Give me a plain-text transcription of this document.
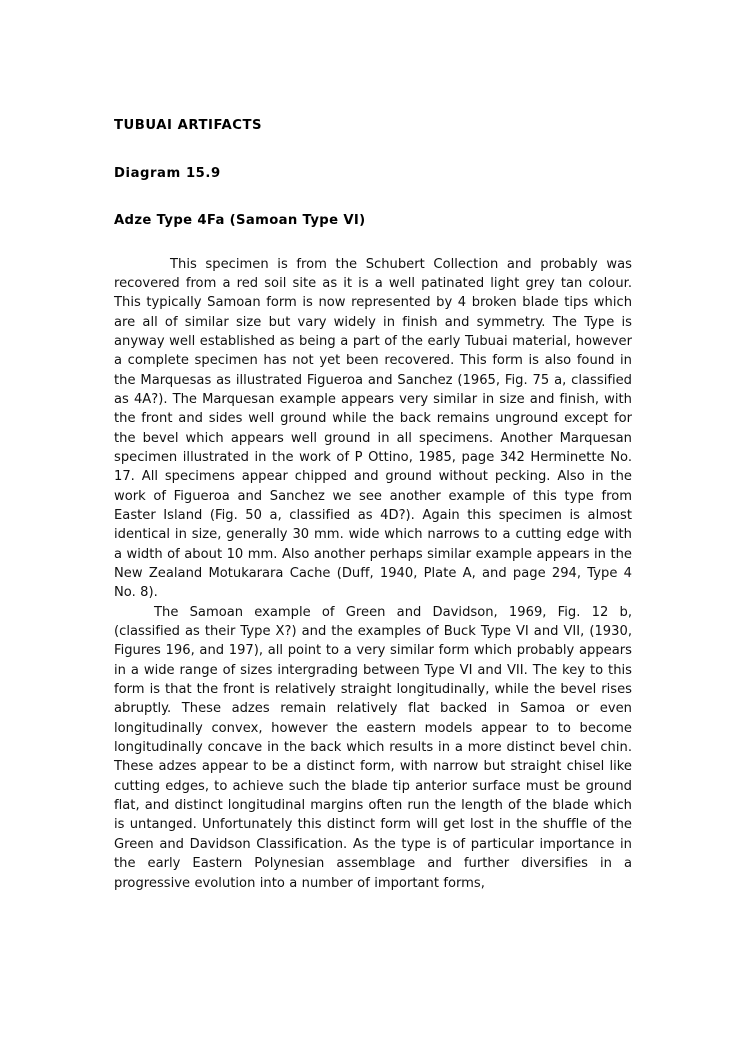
TUBUAI ARTIFACTS
Diagram 15.9
Adze Type 4Fa (Samoan Type VI)

This specimen is from the Schubert Collection and probably was recovered from a red soil site as it is a well patinated light grey tan colour. This typically Samoan form is now represented by 4 broken blade tips which are all of similar size but vary widely in finish and symmetry. The Type is anyway well established as being a part of the early Tubuai material, however a complete specimen has not yet been recovered. This form is also found in the Marquesas as illustrated Figueroa and Sanchez (1965, Fig. 75 a, classified as 4A?). The Marquesan example appears very similar in size and finish, with the front and sides well ground while the back remains unground except for the bevel which appears well ground in all specimens. Another Marquesan specimen illustrated in the work of P Ottino, 1985, page 342 Herminette No. 17. All specimens appear chipped and ground without pecking. Also in the work of Figueroa and Sanchez we see another example of this type from Easter Island (Fig. 50 a, classified as 4D?). Again this specimen is almost identical in size, generally 30 mm. wide which narrows to a cutting edge with a width of about 10 mm. Also another perhaps similar example appears in the New Zealand Motukarara Cache (Duff, 1940, Plate A, and page 294, Type 4 No. 8).

The Samoan example of Green and Davidson, 1969, Fig. 12 b, (classified as their Type X?) and the examples of Buck Type VI and VII, (1930, Figures 196, and 197), all point to a very similar form which probably appears in a wide range of sizes intergrading between Type VI and VII. The key to this form is that the front is relatively straight longitudinally, while the bevel rises abruptly. These adzes remain relatively flat backed in Samoa or even longitudinally convex, however the eastern models appear to to become longitudinally concave in the back which results in a more distinct bevel chin. These adzes appear to be a distinct form, with narrow but straight chisel like cutting edges, to achieve such the blade tip anterior surface must be ground flat, and distinct longitudinal margins often run the length of the blade which is untanged. Unfortunately this distinct form will get lost in the shuffle of the Green and Davidson Classification. As the type is of particular importance in the early Eastern Polynesian assemblage and further diversifies in a progressive evolution into a number of important forms,
